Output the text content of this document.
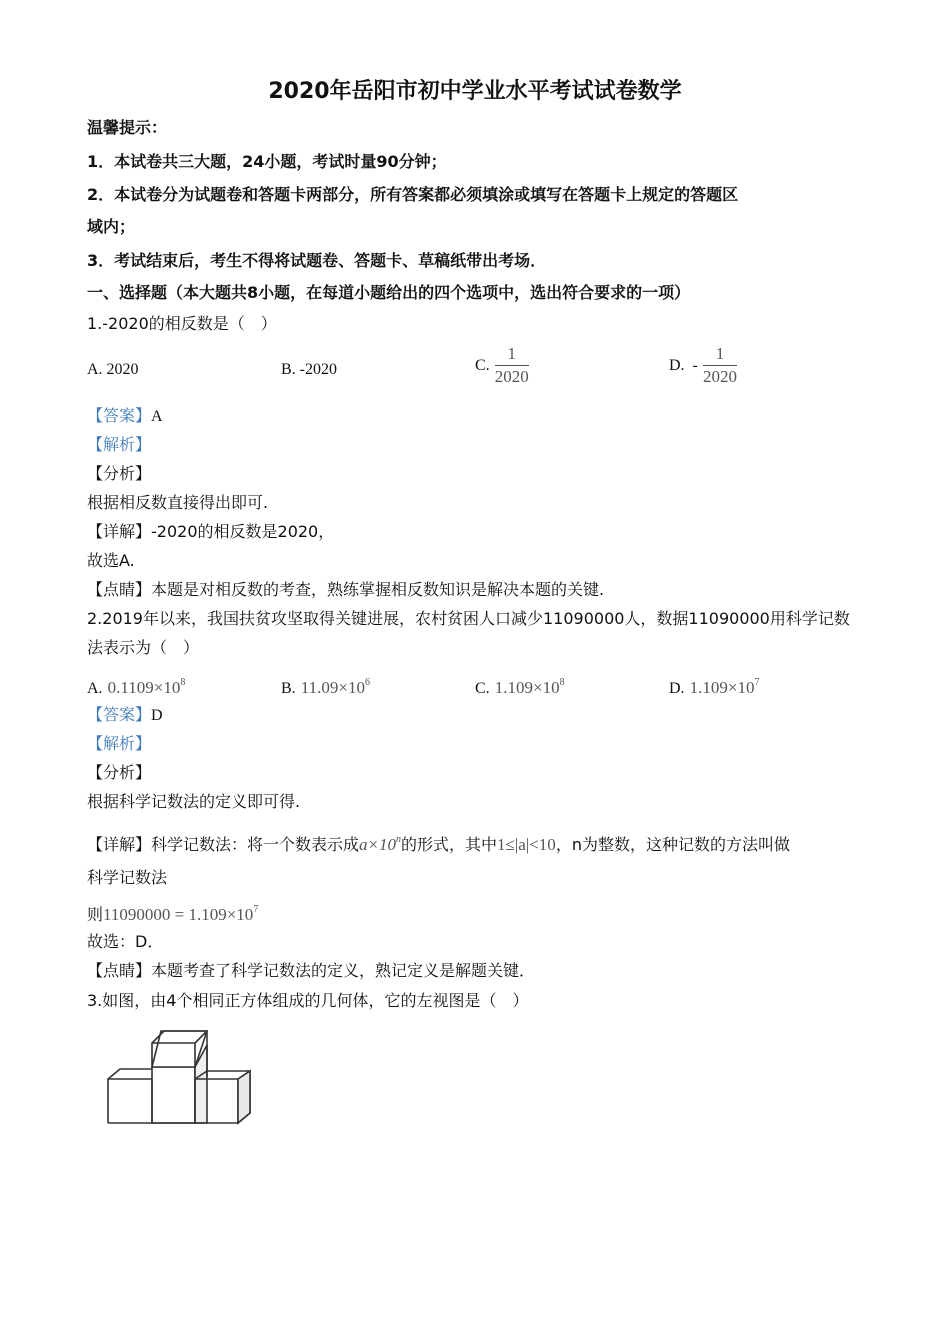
2020年岳阳市初中学业水平考试试卷数学
温馨提示：
1．本试卷共三大题，24小题，考试时量90分钟；
2．本试卷分为试题卷和答题卡两部分，所有答案都必须填涂或填写在答题卡上规定的答题区
域内；
3．考试结束后，考生不得将试题卷、答题卡、草稿纸带出考场．
一、选择题（本大题共8小题，在每道小题给出的四个选项中，选出符合要求的一项）
1.-2020的相反数是（　）
A. 2020	B. -2020	C. $\frac{1}{2020}$	D.  - $\frac{1}{2020}$
【答案】A
【解析】
【分析】
根据相反数直接得出即可.
【详解】-2020的相反数是2020，
故选A.
【点睛】本题是对相反数的考查，熟练掌握相反数知识是解决本题的关键.
2.2019年以来，我国扶贫攻坚取得关键进展，农村贫困人口减少11090000人，数据11090000用科学记数
法表示为（　）
A. $0.1109\times 10^8$	B. $11.09\times 10^6$	C. $1.109\times 10^8$	D. $1.109\times 10^7$
【答案】D
【解析】
【分析】
根据科学记数法的定义即可得.
【详解】科学记数法：将一个数表示成$a\times 10^n$的形式，其中1≤|a|<10，n为整数，这种记数的方法叫做
科学记数法
则$11090000 = 1.109\times 10^7$
故选：D．
【点睛】本题考查了科学记数法的定义，熟记定义是解题关键．
3.如图，由4个相同正方体组成的几何体，它的左视图是（　）
